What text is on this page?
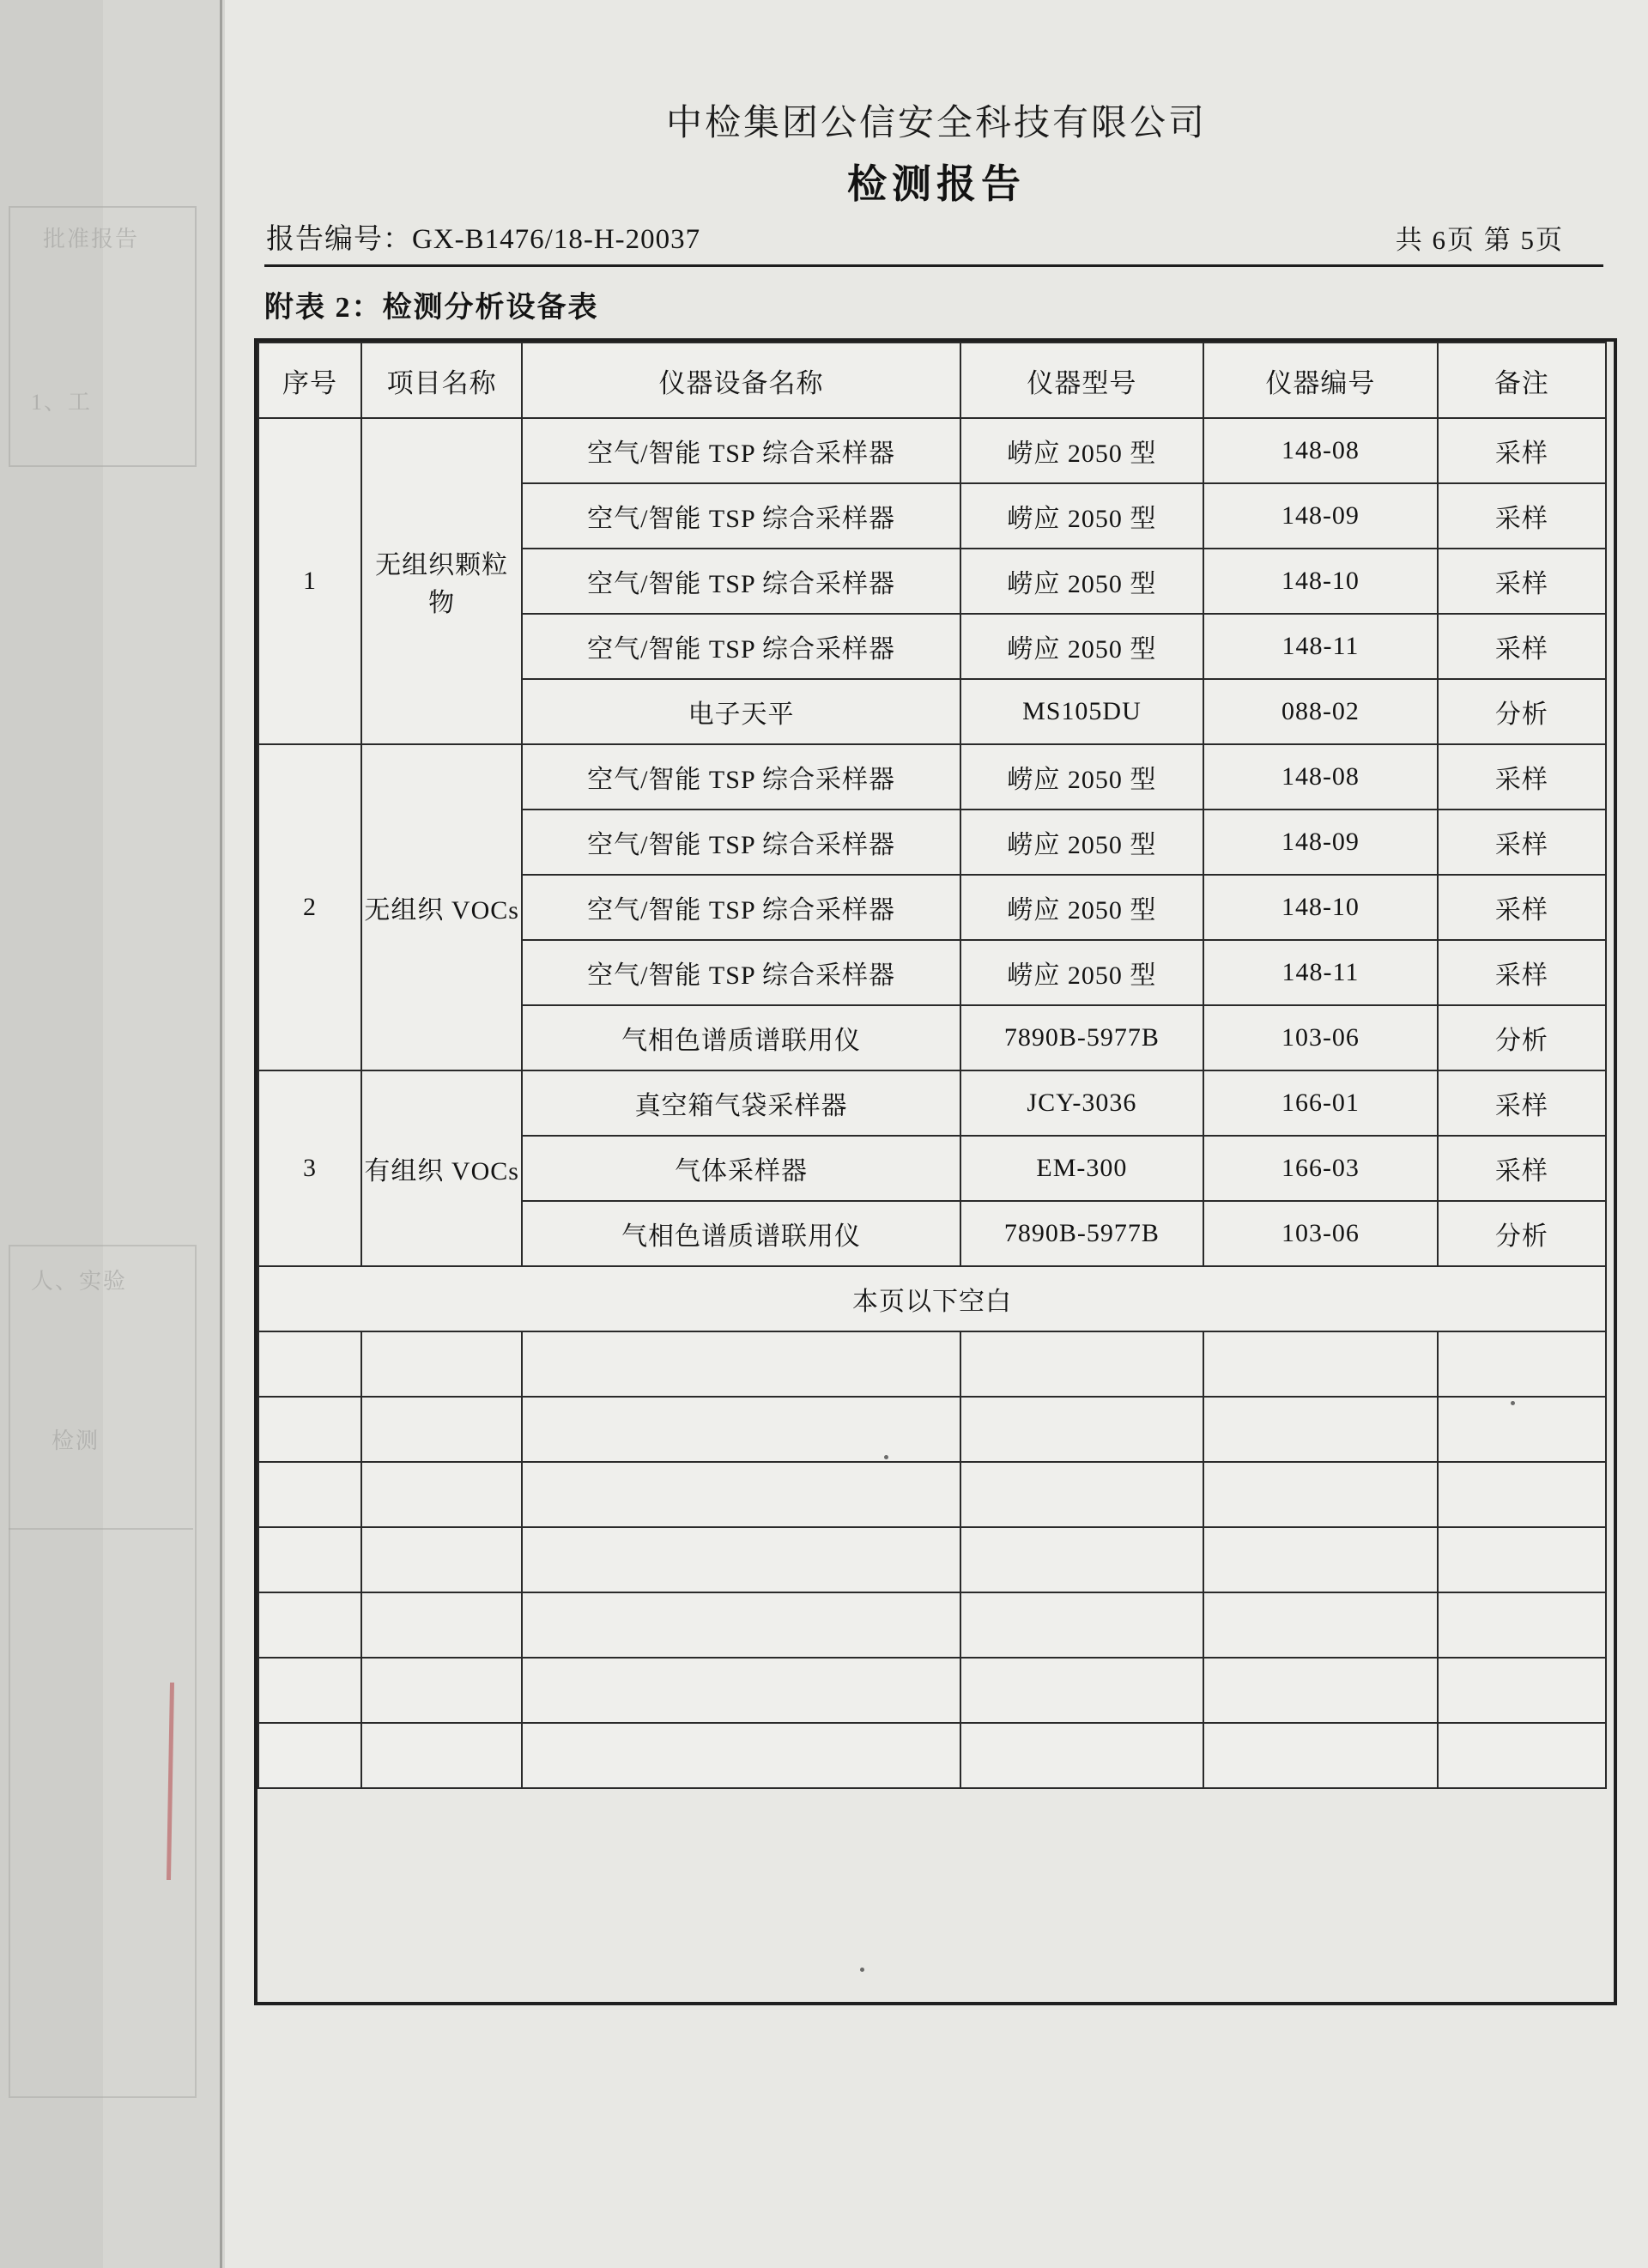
批准报告
1、工
人、实验
检测
中检集团公信安全科技有限公司
检测报告
报告编号：GX-B1476/18-H-20037	共 6页 第 5页
附表 2：检测分析设备表
序号	项目名称	仪器设备名称	仪器型号	仪器编号	备注
1	无组织颗粒物	空气/智能 TSP 综合采样器	崂应 2050 型	148-08	采样
		空气/智能 TSP 综合采样器	崂应 2050 型	148-09	采样
		空气/智能 TSP 综合采样器	崂应 2050 型	148-10	采样
		空气/智能 TSP 综合采样器	崂应 2050 型	148-11	采样
		电子天平	MS105DU	088-02	分析
2	无组织 VOCs	空气/智能 TSP 综合采样器	崂应 2050 型	148-08	采样
		空气/智能 TSP 综合采样器	崂应 2050 型	148-09	采样
		空气/智能 TSP 综合采样器	崂应 2050 型	148-10	采样
		空气/智能 TSP 综合采样器	崂应 2050 型	148-11	采样
		气相色谱质谱联用仪	7890B-5977B	103-06	分析
3	有组织 VOCs	真空箱气袋采样器	JCY-3036	166-01	采样
		气体采样器	EM-300	166-03	采样
		气相色谱质谱联用仪	7890B-5977B	103-06	分析
本页以下空白					
